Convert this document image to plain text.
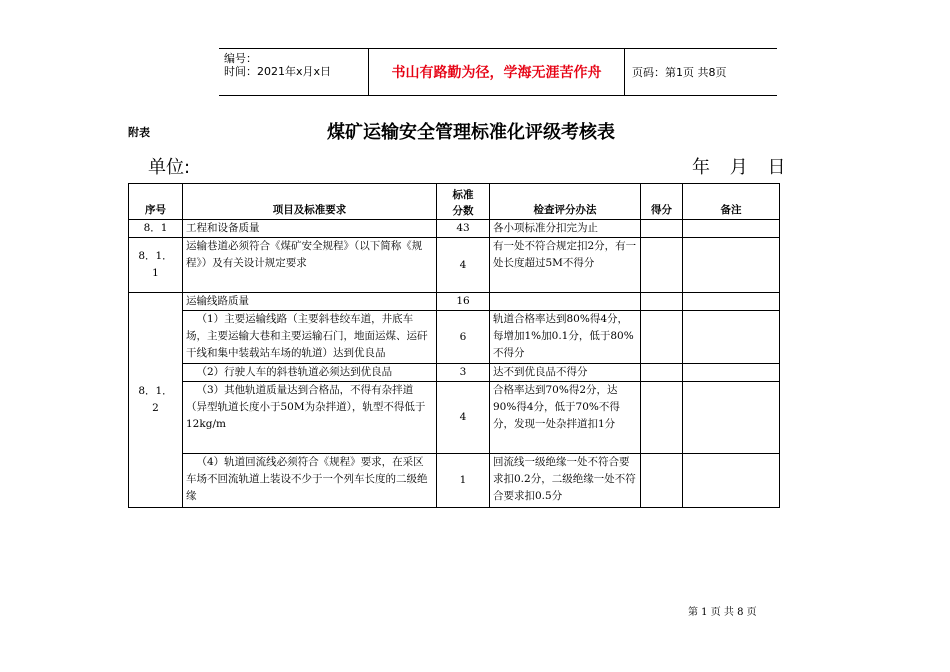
编号：
时间：2021年x月x日	书山有路勤为径，学海无涯苦作舟	页码：第1页 共8页
附表	煤矿运输安全管理标准化评级考核表
单位:	年 月 日
序号	项目及标准要求	标准分数	检查评分办法	得分	备注
8．1	工程和设备质量	43	各小项标准分扣完为止		
8．1．1	运输巷道必须符合《煤矿安全规程》（以下简称《规程》）及有关设计规定要求	4	有一处不符合规定扣2分，有一处长度超过5M不得分		
8．1．2	运输线路质量	16			
	（1）主要运输线路（主要斜巷绞车道，井底车场，主要运输大巷和主要运输石门，地面运煤、运矸干线和集中装载站车场的轨道）达到优良品	6	轨道合格率达到80%得4分，每增加1%加0.1分，低于80%不得分		
	（2）行驶人车的斜巷轨道必须达到优良品	3	达不到优良品不得分		
	（3）其他轨道质量达到合格品，不得有杂拌道（异型轨道长度小于50M为杂拌道），轨型不得低于12kg/m	4	合格率达到70%得2分，达90%得4分，低于70%不得分，发现一处杂拌道扣1分		
	（4）轨道回流线必须符合《规程》要求，在采区车场不回流轨道上装设不少于一个列车长度的二级绝缘	1	回流线一级绝缘一处不符合要求扣0.2分，二级绝缘一处不符合要求扣0.5分		
第 1 页 共 8 页
